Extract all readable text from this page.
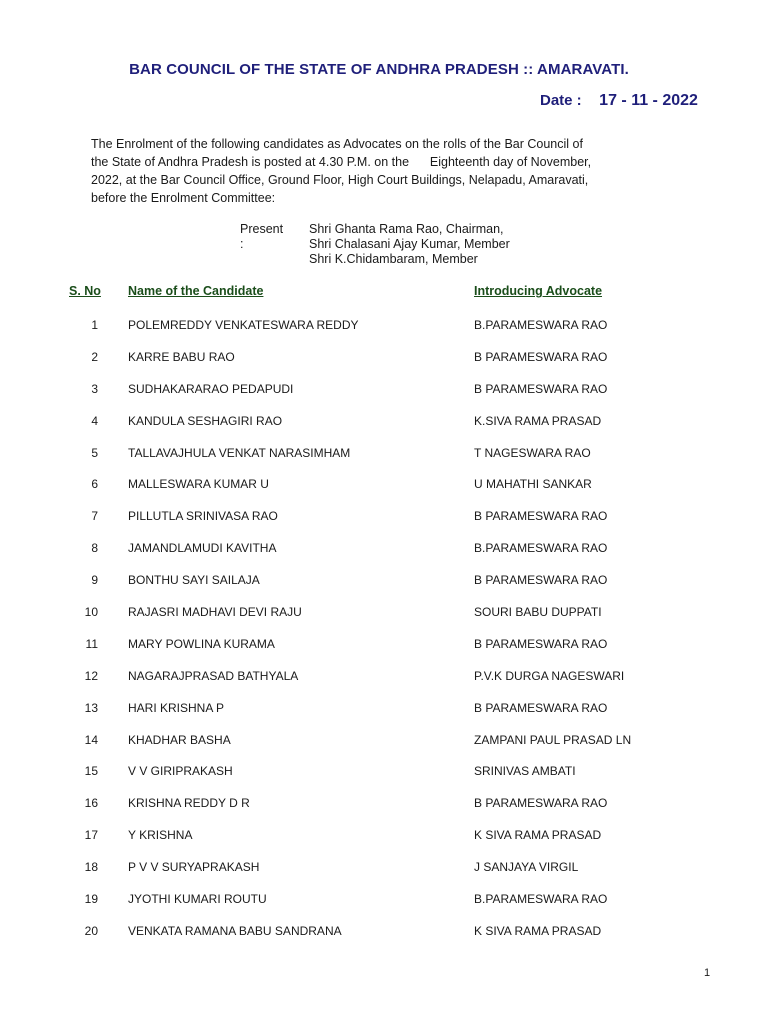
BAR COUNCIL OF THE STATE OF ANDHRA PRADESH :: AMARAVATI.
Date : 17 - 11 - 2022

The Enrolment of the following candidates as Advocates on the rolls of the Bar Council of

the State of Andhra Pradesh is posted at 4.30 P.M. on the      Eighteenth day of November,

2022, at the Bar Council Office, Ground Floor, High Court Buildings, Nelapadu, Amaravati,

before the Enrolment Committee:

Present :
Shri Ghanta Rama Rao, Chairman,
Shri Chalasani Ajay Kumar, Member
Shri K.Chidambaram, Member
S. No Name of the Candidate	Introducing Advocate
1	POLEMREDDY VENKATESWARA REDDY	B.PARAMESWARA RAO
2	KARRE BABU RAO	B PARAMESWARA RAO
3	SUDHAKARARAO PEDAPUDI	B PARAMESWARA RAO
4	KANDULA SESHAGIRI RAO	K.SIVA RAMA PRASAD
5	TALLAVAJHULA VENKAT NARASIMHAM	T NAGESWARA RAO
6	MALLESWARA KUMAR U	U MAHATHI SANKAR
7	PILLUTLA SRINIVASA RAO	B PARAMESWARA RAO
8	JAMANDLAMUDI KAVITHA	B.PARAMESWARA RAO
9	BONTHU SAYI SAILAJA	B PARAMESWARA RAO
10	RAJASRI MADHAVI DEVI RAJU	SOURI BABU DUPPATI
11	MARY POWLINA KURAMA	B PARAMESWARA RAO
12	NAGARAJPRASAD BATHYALA	P.V.K DURGA NAGESWARI
13	HARI KRISHNA P	B PARAMESWARA RAO
14	KHADHAR BASHA	ZAMPANI PAUL PRASAD LN
15	V V GIRIPRAKASH	SRINIVAS AMBATI
16	KRISHNA REDDY D R	B PARAMESWARA RAO
17	Y KRISHNA	K SIVA RAMA PRASAD
18	P V V SURYAPRAKASH	J SANJAYA VIRGIL
19	JYOTHI KUMARI ROUTU	B.PARAMESWARA RAO
20	VENKATA RAMANA BABU SANDRANA	K SIVA RAMA PRASAD
1
